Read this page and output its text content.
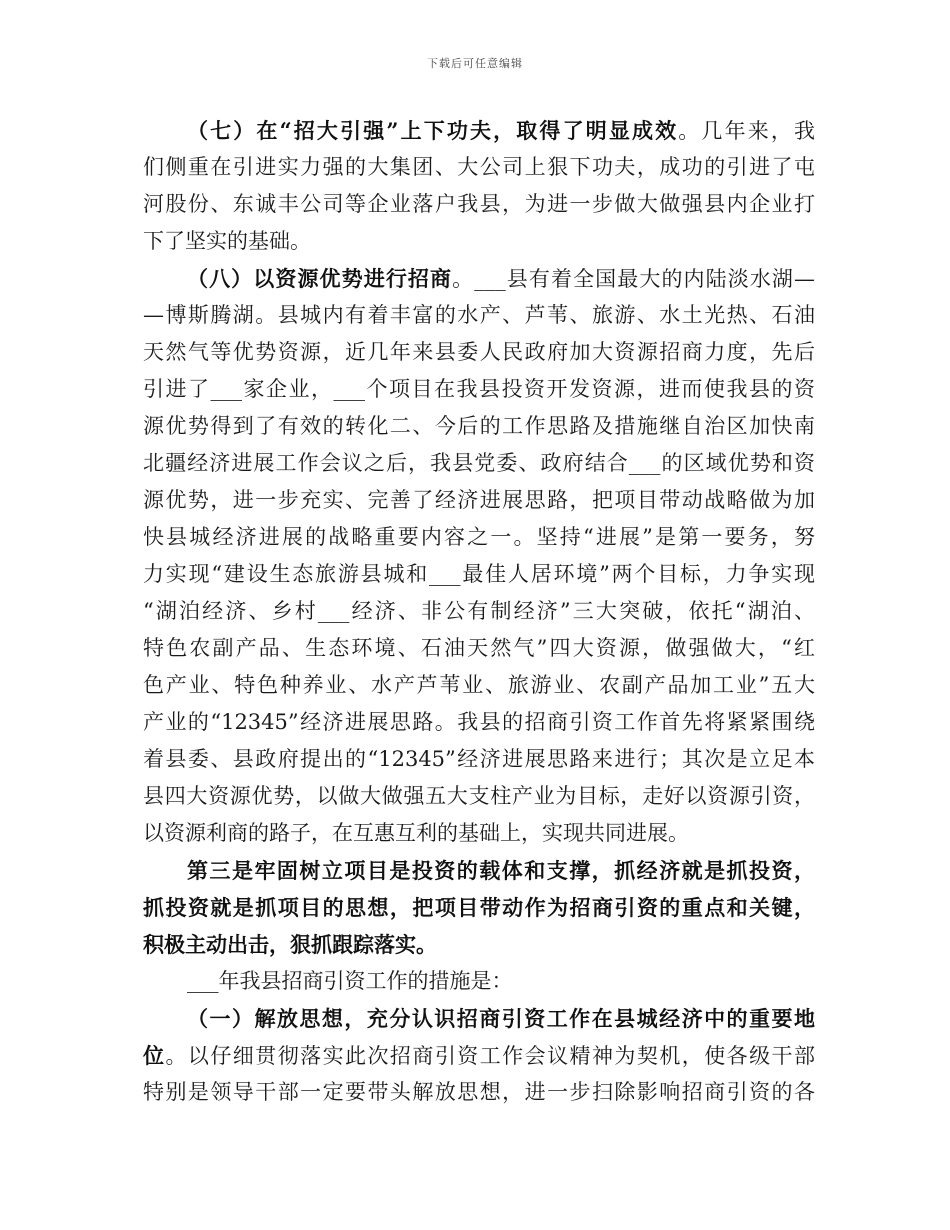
下载后可任意编辑
（七）在“招大引强”上下功夫，取得了明显成效。几年来，我
们侧重在引进实力强的大集团、大公司上狠下功夫，成功的引进了屯
河股份、东诚丰公司等企业落户我县，为进一步做大做强县内企业打
下了坚实的基础。
（八）以资源优势进行招商。___县有着全国最大的内陆淡水湖—
—博斯腾湖。县城内有着丰富的水产、芦苇、旅游、水土光热、石油
天然气等优势资源，近几年来县委人民政府加大资源招商力度，先后
引进了___家企业，___个项目在我县投资开发资源，进而使我县的资
源优势得到了有效的转化二、今后的工作思路及措施继自治区加快南
北疆经济进展工作会议之后，我县党委、政府结合___的区域优势和资
源优势，进一步充实、完善了经济进展思路，把项目带动战略做为加
快县城经济进展的战略重要内容之一。坚持“进展”是第一要务，努
力实现“建设生态旅游县城和___最佳人居环境”两个目标，力争实现
“湖泊经济、乡村___经济、非公有制经济”三大突破，依托“湖泊、
特色农副产品、生态环境、石油天然气”四大资源，做强做大，“红
色产业、特色种养业、水产芦苇业、旅游业、农副产品加工业”五大
产业的“12345”经济进展思路。我县的招商引资工作首先将紧紧围绕
着县委、县政府提出的“12345”经济进展思路来进行；其次是立足本
县四大资源优势，以做大做强五大支柱产业为目标，走好以资源引资，
以资源利商的路子，在互惠互利的基础上，实现共同进展。
第三是牢固树立项目是投资的载体和支撑，抓经济就是抓投资，
抓投资就是抓项目的思想，把项目带动作为招商引资的重点和关键，
积极主动出击，狠抓跟踪落实。
___年我县招商引资工作的措施是：
（一）解放思想，充分认识招商引资工作在县城经济中的重要地
位。以仔细贯彻落实此次招商引资工作会议精神为契机，使各级干部
特别是领导干部一定要带头解放思想，进一步扫除影响招商引资的各
